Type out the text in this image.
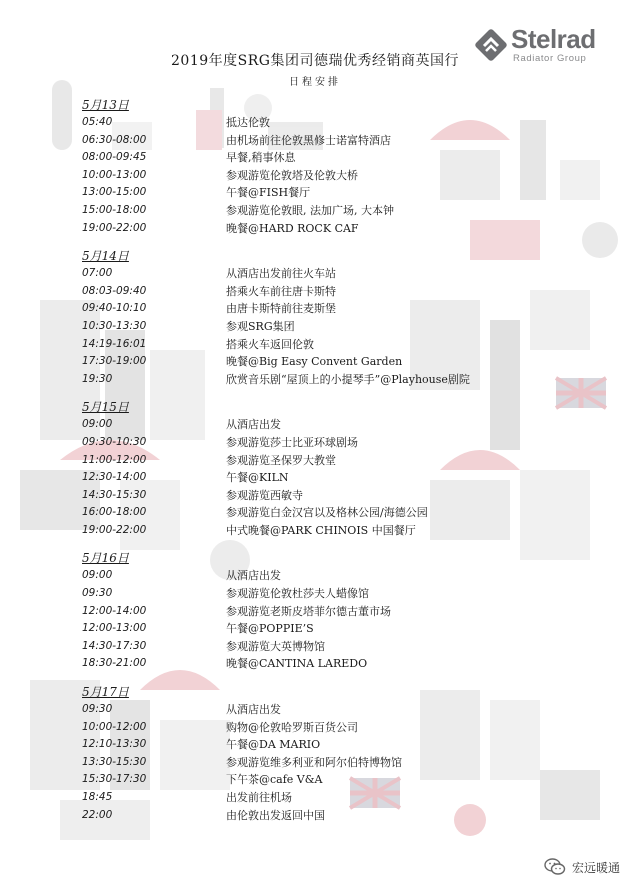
Stelrad
Radiator Group
2019年度SRG集团司德瑞优秀经销商英国行
日程安排
5月13日
05:40	抵达伦敦
06:30-08:00	由机场前往伦敦黑修士诺富特酒店
08:00-09:45	早餐,稍事休息
10:00-13:00	参观游览伦敦塔及伦敦大桥
13:00-15:00	午餐@FISH餐厅
15:00-18:00	参观游览伦敦眼, 法加广场, 大本钟
19:00-22:00	晚餐@HARD ROCK CAF
5月14日
07:00	从酒店出发前往火车站
08:03-09:40	搭乘火车前往唐卡斯特
09:40-10:10	由唐卡斯特前往麦斯堡
10:30-13:30	参观SRG集团
14:19-16:01	搭乘火车返回伦敦
17:30-19:00	晚餐@Big Easy Convent Garden
19:30	欣赏音乐剧“屋顶上的小提琴手”@Playhouse剧院
5月15日
09:00	从酒店出发
09:30-10:30	参观游览莎士比亚环球剧场
11:00-12:00	参观游览圣保罗大教堂
12:30-14:00	午餐@KILN
14:30-15:30	参观游览西敏寺
16:00-18:00	参观游览白金汉宫以及格林公园/海德公园
19:00-22:00	中式晚餐@PARK CHINOIS 中国餐厅
5月16日
09:00	从酒店出发
09:30	参观游览伦敦杜莎夫人蜡像馆
12:00-14:00	参观游览老斯皮塔菲尔德古董市场
12:00-13:00	午餐@POPPIE’S
14:30-17:30	参观游览大英博物馆
18:30-21:00	晚餐@CANTINA LAREDO
5月17日
09:30	从酒店出发
10:00-12:00	购物@伦敦哈罗斯百货公司
12:10-13:30	午餐@DA MARIO
13:30-15:30	参观游览维多利亚和阿尔伯特博物馆
15:30-17:30	下午茶@cafe V&A
18:45	出发前往机场
22:00	由伦敦出发返回中国
宏远暖通
